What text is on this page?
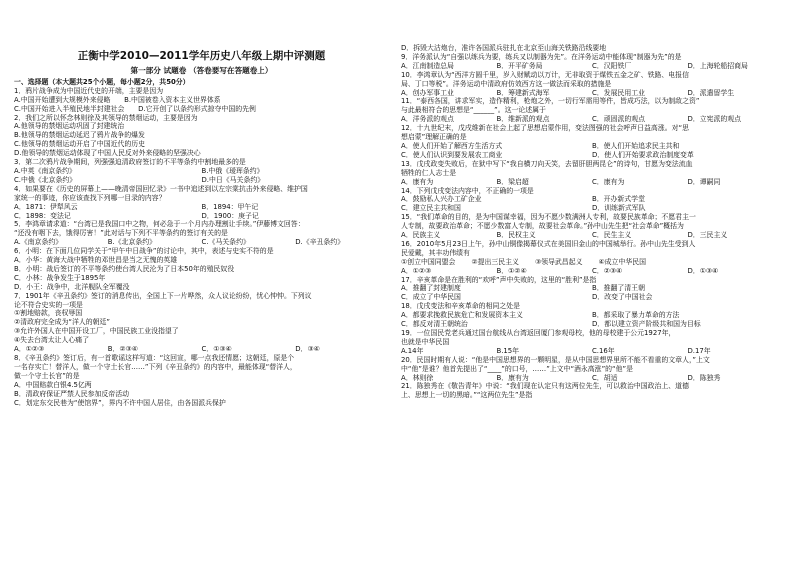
正衡中学2010—2011学年历史八年级上期中评测题
第一部分 试题卷 （答卷要写在答题卷上）
一、选择题（本大题共25个小题，每小题2分，共50分）
1．鸦片战争成为中国近代史的开端，主要是因为
A.中国开始遭到大规模外来侵略　　B.中国被卷入资本主义世界体系
C.中国开始进入半殖民地半封建社会　　D.它开创了以条约形式掠夺中国的先例
2．我们之所以怀念林则徐及其领导的禁烟运动，主要是因为
A.他领导的禁烟运动巩固了封建统治
B.他领导的禁烟运动延迟了鸦片战争的爆发
C.他领导的禁烟运动开启了中国近代的历史
D.他领导的禁烟运动体现了中国人民反对外来侵略的坚强决心
3．第二次鸦片战争期间，列强强迫清政府签订的不平等条约中割地最多的是
A.中英《南京条约》	B.中俄《瑷珲条约》
C.中俄《北京条约》	D.中日《马关条约》
4．如果要在《历史的屏幕上——晚清帝国回忆录》一书中追述到以左宗棠抗击外来侵略、维护国
家统一的事迹，你应该查找下列哪一目录的内容？
A．1871：伊犁风云	B．1894：甲午记
C．1898：变法记	D．1900：庚子记
5．李鸿章请求道：“台湾已是我国口中之物，何必急于一个月内办理割让手续。”伊藤博文回答：
“还没有咽下去，饿得厉害！”此对话与下列不平等条约的签订有关的是
A.《南京条约》	B.《北京条约》	C.《马关条约》	D.《辛丑条约》
6．小明：在下面几位同学关于“甲午中日战争”的讨论中，其中，表述与史实不符的是
A．小华：黄海大战中牺牲的邓世昌是当之无愧的英雄
B．小明：战后签订的不平等条约使台湾人民沦为了日本50年的殖民奴役
C．小林：战争发生于1895年
D．小王：战争中，北洋舰队全军覆没
7．1901年《辛丑条约》签订的消息传出，全国上下一片哗然，众人议论纷纷，忧心忡忡。下列议
论不符合史实的一项是
①割地赔款，丧权辱国
②清政府完全成为“洋人的朝廷”
③允许外国人在中国开设工厂，中国民族工业没指望了
④失去台湾太让人心痛了
A．①②③	B．②③④	C．①③④	D．③④
8．《辛丑条约》签订后，有一首歌谣这样写道：“这回宣，哪一点我还情愿；这朝廷，原是个
一名存实亡！替洋人，做一个守土长官……”下列《辛丑条约》的内容中，最能体现“替洋人，
做一个守土长官”的是
A．中国赔款白银4.5亿两
B．清政府保证严禁人民参加反帝活动
C．划定东交民巷为“使馆界”，界内不许中国人居住，由各国派兵保护
D．拆毁大沽炮台，准许各国派兵驻扎在北京至山海关铁路沿线要地
9．洋务派认为“自强以练兵为要，练兵又以制器为先”。在洋务运动中能体现“制器为先”的是
A．江南制造总局	B．开平矿务局	C．汉阳铁厂	D．上海轮船招商局
10．李鸿章认为“西洋方圆千里，岁入财赋动以万计，无非取资于煤铁五金之矿、铁路、电报信
局、丁口等税”。洋务运动中清政府仿效西方这一做法而采取的措施是
A．创办军事工业	B．筹建新式海军	C．发展民用工业	D．派遣留学生
11．“泰西各国，讲求军实，造作精利，枪炮之外，一切行军需用等件，皆成巧法，以为制敌之资”
与此最相符合的思想是“______”。这一论述属于
A．洋务派的观点	B．维新派的观点	C．顽固派的观点	D．立宪派的观点
12．十九世纪末，戊戌维新在社会上起了思想启蒙作用，变法图强的社会呼声日益高涨。对“思
想启蒙”理解正确的是
A．使人们开始了解西方生活方式	B．使人们开始追求民主共和
C．使人们认识到要发展农工商业	D．使人们开始要求政治制度变革
13．戊戌政变失败后，在狱中写下“我自横刀向天笑，去留肝胆两昆仑”的诗句，甘愿为变法流血
牺牲的仁人志士是
A．康有为	B．梁启超	C．康有为	D．谭嗣同
14．下列戊戌变法内容中，不正确的一项是
A．鼓励私人兴办工矿企业	B．开办新式学堂
C．建立民主共和国	D．训练新式军队
15．“我们革命的目的，是为中国谋幸福，因为不愿少数满洲人专利，故要民族革命；不愿君主一
人专制，故要政治革命；不愿少数富人专制，故要社会革命。”孙中山先生把“社会革命”概括为
A．民族主义	B．民权主义	C．民生主义	D．三民主义
16．2010年5月23日上午，孙中山铜像揭幕仪式在美国旧金山的中国城举行。孙中山先生受到人
民爱戴，其丰功伟绩有
①创立中国同盟会 ②提出三民主义 ③领导武昌起义 ④成立中华民国
A．①②③	B．①②④	C．②③④	D．①③④
17．辛亥革命是在胜利的“欢呼”声中失败的，这里的“胜利”是指
A．推翻了封建制度	B．推翻了清王朝
C．成立了中华民国	D．改变了中国社会
18．戊戌变法和辛亥革命的相同之处是
A．都要求挽救民族危亡和发展资本主义	B．都采取了暴力革命的方法
C．都反对清王朝统治	D．都以建立资产阶级共和国为目标
19．一位国民党老兵通过国台航线从台湾返回厦门参观母校，他的母校建于公元1927年，
也就是中华民国
A.14年	B.15年	C.16年	D.17年
20．民国时期有人说：“他是中国思想界的一颗明星，是从中国思想界里所不能不看重的文章人，”上文
中“他”是谁？他首先提出了“____”的口号，……”上文中“酒永高涨”的“他”是
A．林则徐	B．康有为	C．胡适	D．陈独秀
21．陈独秀在《敬告青年》中说：“我们现在认定只有这两位先生，可以救治中国政治上、道德
上、思想上一切的黑暗。”“这两位先生”是指
